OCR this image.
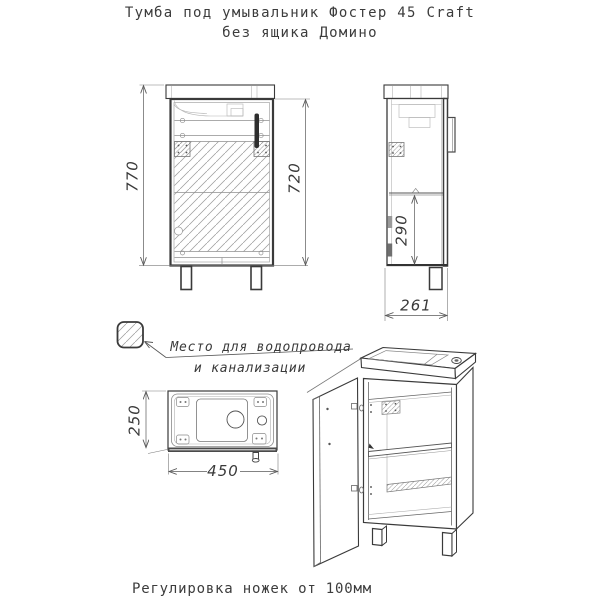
Тумба под умывальник Фостер 45 Craft
без ящика Домино
770	720
290
261
Место для водопровода
и канализации
250
450
Регулировка ножек от 100мм
